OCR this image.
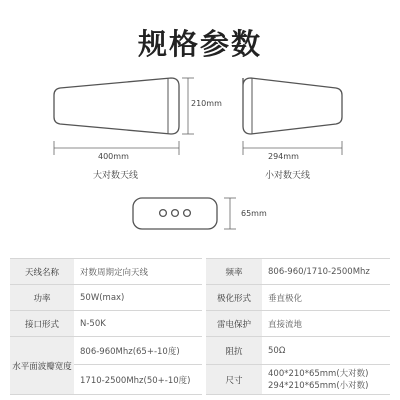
规格参数
210mm
400mm
大对数天线
294mm
小对数天线
65mm
天线名称	对数周期定向天线		频率	806-960/1710-2500Mhz
功率	50W(max)		极化形式	垂直极化
接口形式	N-50K		雷电保护	直接流地
水平面波瓣宽度	806-960Mhz(65+-10度)		阻抗	50Ω
	1710-2500Mhz(50+-10度)		尺寸	400*210*65mm(大对数)
294*210*65mm(小对数)
